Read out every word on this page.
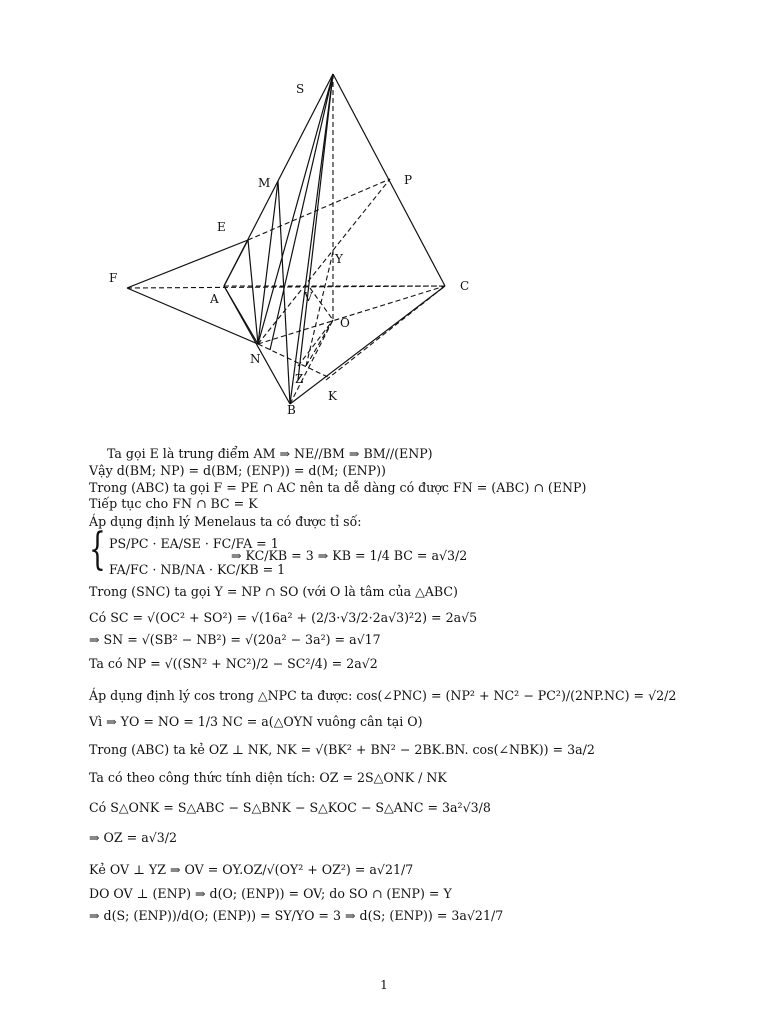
S
M	P
E
F
A
Y
V
C
O
N
Z
K
B
Ta gọi E là trung điểm AM ⇒ NE//BM ⇒ BM//(ENP)
Vậy d(BM; NP) = d(BM; (ENP)) = d(M; (ENP))
Trong (ABC) ta gọi F = PE ∩ AC nên ta dễ dàng có được FN = (ABC) ∩ (ENP)
Tiếp tục cho FN ∩ BC = K
Áp dụng định lý Menelaus ta có được tỉ số:
{ PS/PC · EA/SE · FC/FA = 1
FA/FC · NB/NA · KC/KB = 1
⇒ KC/KB = 3 ⇒ KB = 1/4 BC = a√3/2
Trong (SNC) ta gọi Y = NP ∩ SO (với O là tâm của △ABC)
Có SC = √(OC² + SO²) = √(16a² + (2/3·√3/2·2a√3)²2) = 2a√5
⇒ SN = √(SB² − NB²) = √(20a² − 3a²) = a√17
Ta có NP = √((SN² + NC²)/2 − SC²/4) = 2a√2
Áp dụng định lý cos trong △NPC ta được: cos(∠PNC) = (NP² + NC² − PC²)/(2NP.NC) = √2/2
Vì ⇒ YO = NO = 1/3 NC = a(△OYN vuông cân tại O)
Trong (ABC) ta kẻ OZ ⊥ NK, NK = √(BK² + BN² − 2BK.BN. cos(∠NBK)) = 3a/2
Ta có theo công thức tính diện tích: OZ = 2S△ONK / NK
Có S△ONK = S△ABC − S△BNK − S△KOC − S△ANC = 3a²√3/8
⇒ OZ = a√3/2
Kẻ OV ⊥ YZ ⇒ OV = OY.OZ/√(OY² + OZ²) = a√21/7
DO OV ⊥ (ENP) ⇒ d(O; (ENP)) = OV; do SO ∩ (ENP) = Y
⇒ d(S; (ENP))/d(O; (ENP)) = SY/YO = 3 ⇒ d(S; (ENP)) = 3a√21/7
1
